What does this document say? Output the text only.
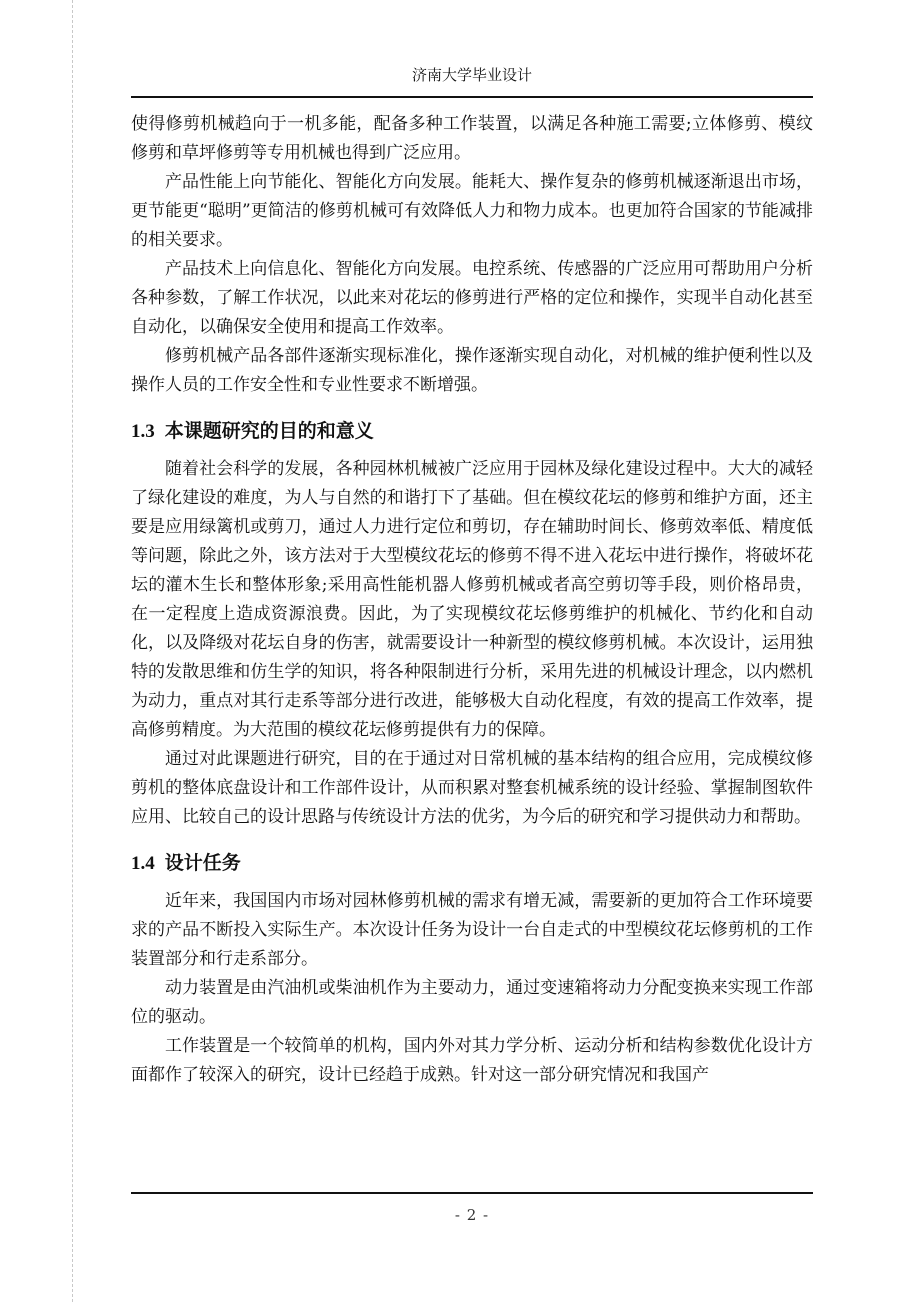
济南大学毕业设计

使得修剪机械趋向于一机多能，配备多种工作装置，以满足各种施工需要;立体修剪、模纹修剪和草坪修剪等专用机械也得到广泛应用。

产品性能上向节能化、智能化方向发展。能耗大、操作复杂的修剪机械逐渐退出市场，更节能更“聪明”更简洁的修剪机械可有效降低人力和物力成本。也更加符合国家的节能减排的相关要求。

产品技术上向信息化、智能化方向发展。电控系统、传感器的广泛应用可帮助用户分析各种参数，了解工作状况，以此来对花坛的修剪进行严格的定位和操作，实现半自动化甚至自动化，以确保安全使用和提高工作效率。

修剪机械产品各部件逐渐实现标准化，操作逐渐实现自动化，对机械的维护便利性以及操作人员的工作安全性和专业性要求不断增强。

1.3 本课题研究的目的和意义

随着社会科学的发展，各种园林机械被广泛应用于园林及绿化建设过程中。大大的减轻了绿化建设的难度，为人与自然的和谐打下了基础。但在模纹花坛的修剪和维护方面，还主要是应用绿篱机或剪刀，通过人力进行定位和剪切，存在辅助时间长、修剪效率低、精度低等问题，除此之外，该方法对于大型模纹花坛的修剪不得不进入花坛中进行操作，将破坏花坛的灌木生长和整体形象;采用高性能机器人修剪机械或者高空剪切等手段，则价格昂贵，在一定程度上造成资源浪费。因此，为了实现模纹花坛修剪维护的机械化、节约化和自动化，以及降级对花坛自身的伤害，就需要设计一种新型的模纹修剪机械。本次设计，运用独特的发散思维和仿生学的知识，将各种限制进行分析，采用先进的机械设计理念，以内燃机为动力，重点对其行走系等部分进行改进，能够极大自动化程度，有效的提高工作效率，提高修剪精度。为大范围的模纹花坛修剪提供有力的保障。

通过对此课题进行研究，目的在于通过对日常机械的基本结构的组合应用，完成模纹修剪机的整体底盘设计和工作部件设计，从而积累对整套机械系统的设计经验、掌握制图软件应用、比较自己的设计思路与传统设计方法的优劣，为今后的研究和学习提供动力和帮助。

1.4 设计任务

近年来，我国国内市场对园林修剪机械的需求有增无减，需要新的更加符合工作环境要求的产品不断投入实际生产。本次设计任务为设计一台自走式的中型模纹花坛修剪机的工作装置部分和行走系部分。

动力装置是由汽油机或柴油机作为主要动力，通过变速箱将动力分配变换来实现工作部位的驱动。

工作装置是一个较简单的机构，国内外对其力学分析、运动分析和结构参数优化设计方面都作了较深入的研究，设计已经趋于成熟。针对这一部分研究情况和我国产

- 2 -
